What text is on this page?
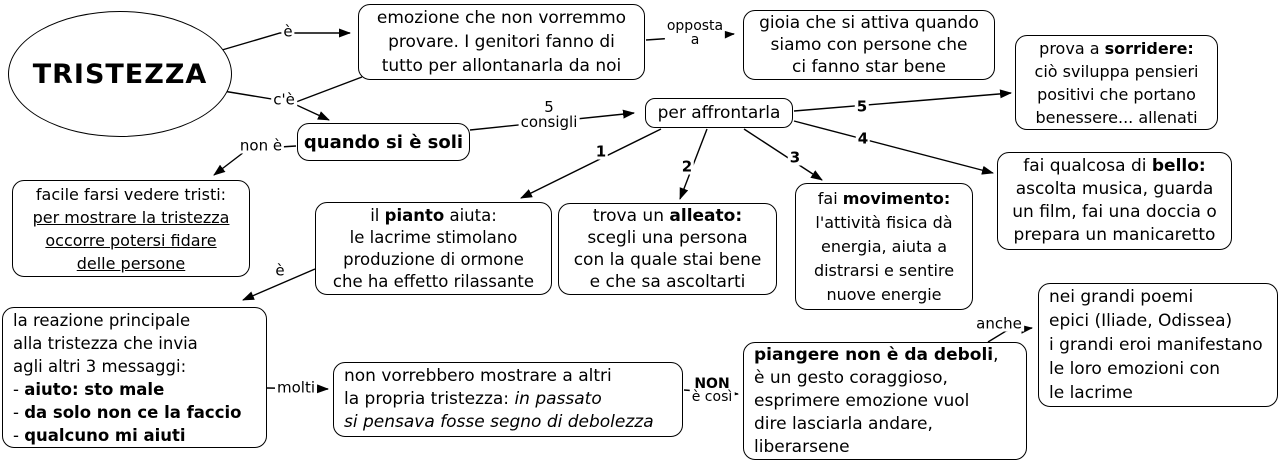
TRISTEZZA
emozione che non vorremmo
provare. I genitori fanno di
tutto per allontanarla da noi
gioia che si attiva quando
siamo con persone che
ci fanno star bene
prova a sorridere:
ciò sviluppa pensieri
positivi che portano
benessere... allenati
quando si è soli
per affrontarla
facile farsi vedere tristi:
per mostrare la tristezza
occorre potersi fidare
delle persone
il pianto aiuta:
le lacrime stimolano
produzione di ormone
che ha effetto rilassante
trova un alleato:
scegli una persona
con la quale stai bene
e che sa ascoltarti
fai movimento:
l'attività fisica dà
energia, aiuta a
distrarsi e sentire
nuove energie
fai qualcosa di bello:
ascolta musica, guarda
un film, fai una doccia o
prepara un manicaretto
la reazione principale
alla tristezza che invia
agli altri 3 messaggi:
- aiuto: sto male
- da solo non ce la faccio
- qualcuno mi aiuti
non vorrebbero mostrare a altri
la propria tristezza: in passato
si pensava fosse segno di debolezza
piangere non è da deboli,
è un gesto coraggioso,
esprimere emozione vuol
dire lasciarla andare,
liberarsene
nei grandi poemi
epici (Iliade, Odissea)
i grandi eroi manifestano
le loro emozioni con
le lacrime
è	opposta
a
c'è	5
consigli
non è	1
2	3
4
5
è
molti	NON
è così
anche
